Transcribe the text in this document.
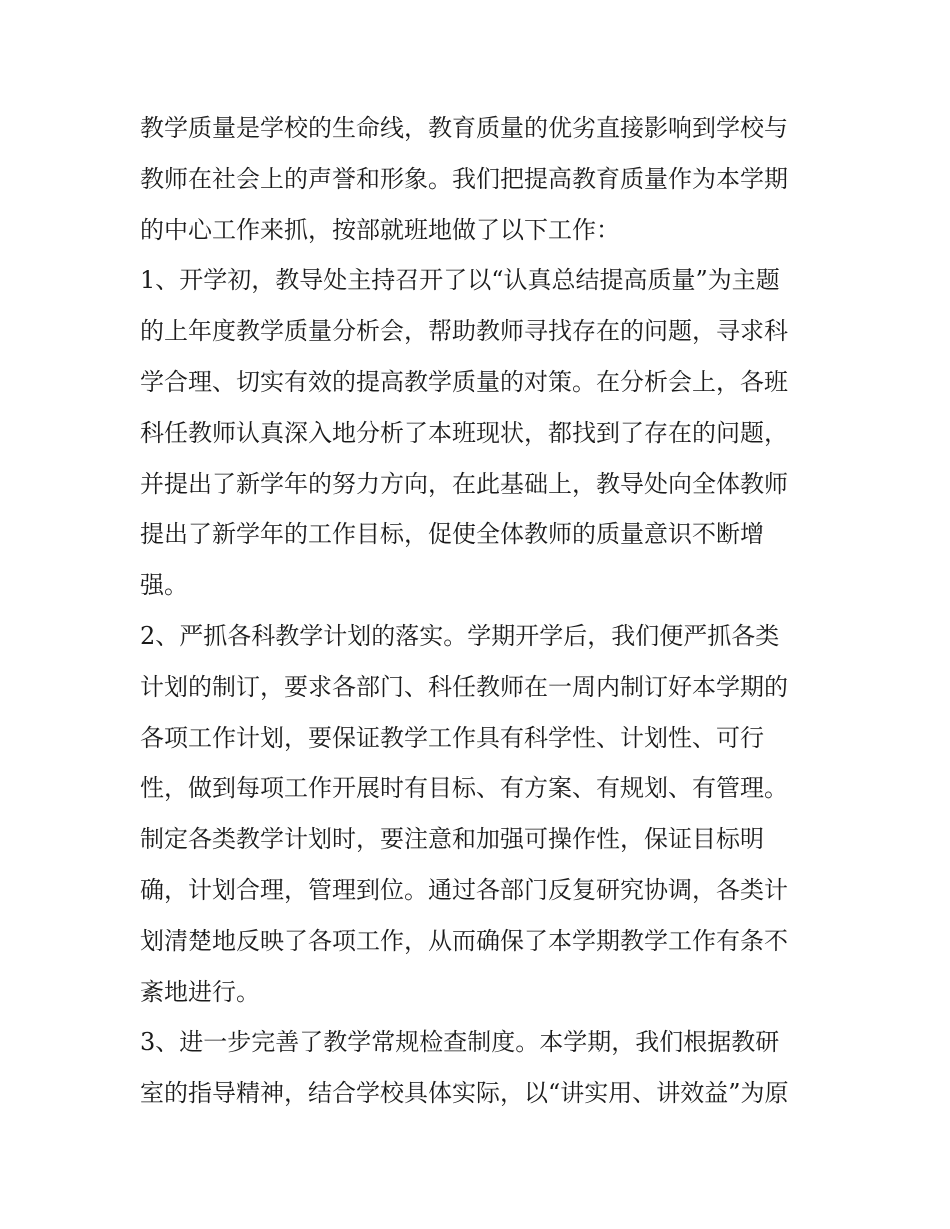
教学质量是学校的生命线，教育质量的优劣直接影响到学校与
教师在社会上的声誉和形象。我们把提高教育质量作为本学期
的中心工作来抓，按部就班地做了以下工作：
1、开学初，教导处主持召开了以“认真总结提高质量”为主题
的上年度教学质量分析会，帮助教师寻找存在的问题，寻求科
学合理、切实有效的提高教学质量的对策。在分析会上，各班
科任教师认真深入地分析了本班现状，都找到了存在的问题，
并提出了新学年的努力方向，在此基础上，教导处向全体教师
提出了新学年的工作目标，促使全体教师的质量意识不断增
强。
2、严抓各科教学计划的落实。学期开学后，我们便严抓各类
计划的制订，要求各部门、科任教师在一周内制订好本学期的
各项工作计划，要保证教学工作具有科学性、计划性、可行
性，做到每项工作开展时有目标、有方案、有规划、有管理。
制定各类教学计划时，要注意和加强可操作性，保证目标明
确，计划合理，管理到位。通过各部门反复研究协调，各类计
划清楚地反映了各项工作，从而确保了本学期教学工作有条不
紊地进行。
3、进一步完善了教学常规检查制度。本学期，我们根据教研
室的指导精神，结合学校具体实际，以“讲实用、讲效益”为原
